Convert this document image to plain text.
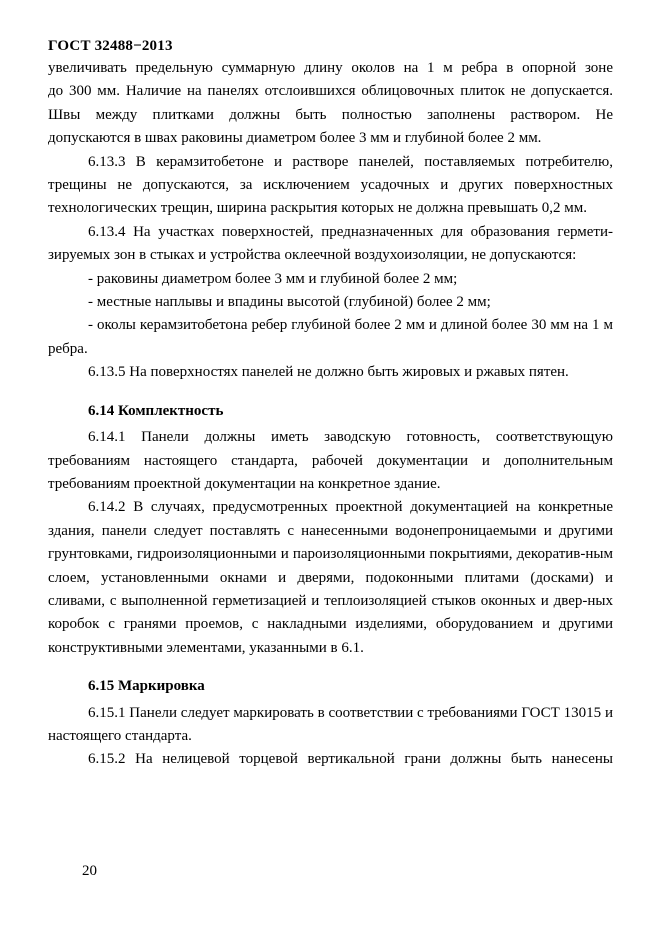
ГОСТ 32488−2013

увеличивать предельную суммарную длину околов на 1 м ребра в опорной зоне

до 300 мм. Наличие на панелях отслоившихся облицовочных плиток не допускается.

Швы между плитками должны быть полностью заполнены раствором. Не

допускаются в швах раковины диаметром более 3 мм и глубиной более 2 мм.

6.13.3 В керамзитобетоне и растворе панелей, поставляемых потребителю, трещины не допускаются, за исключением усадочных и других поверхностных технологических трещин, ширина раскрытия которых не должна превышать 0,2 мм.

6.13.4 На участках поверхностей, предназначенных для образования гермети-зируемых зон в стыках и устройства оклеечной воздухоизоляции, не допускаются:

- раковины диаметром более 3 мм и глубиной более 2 мм;

- местные наплывы и впадины высотой (глубиной) более 2 мм;

- околы керамзитобетона ребер глубиной более 2 мм и длиной более 30 мм на 1 м ребра.

6.13.5 На поверхностях панелей не должно быть жировых и ржавых пятен.

6.14 Комплектность

6.14.1 Панели должны иметь заводскую готовность, соответствующую требованиям настоящего стандарта, рабочей документации и дополнительным требованиям проектной документации на конкретное здание.

6.14.2 В случаях, предусмотренных проектной документацией на конкретные здания, панели следует поставлять с нанесенными водонепроницаемыми и другими грунтовками, гидроизоляционными и пароизоляционными покрытиями, декоратив-ным слоем, установленными окнами и дверями, подоконными плитами (досками) и сливами, с выполненной герметизацией и теплоизоляцией стыков оконных и двер-ных коробок с гранями проемов, с накладными изделиями, оборудованием и другими конструктивными элементами, указанными в 6.1.

6.15 Маркировка

6.15.1 Панели следует маркировать в соответствии с требованиями ГОСТ 13015 и настоящего стандарта.

6.15.2 На нелицевой торцевой вертикальной грани должны быть нанесены

20
